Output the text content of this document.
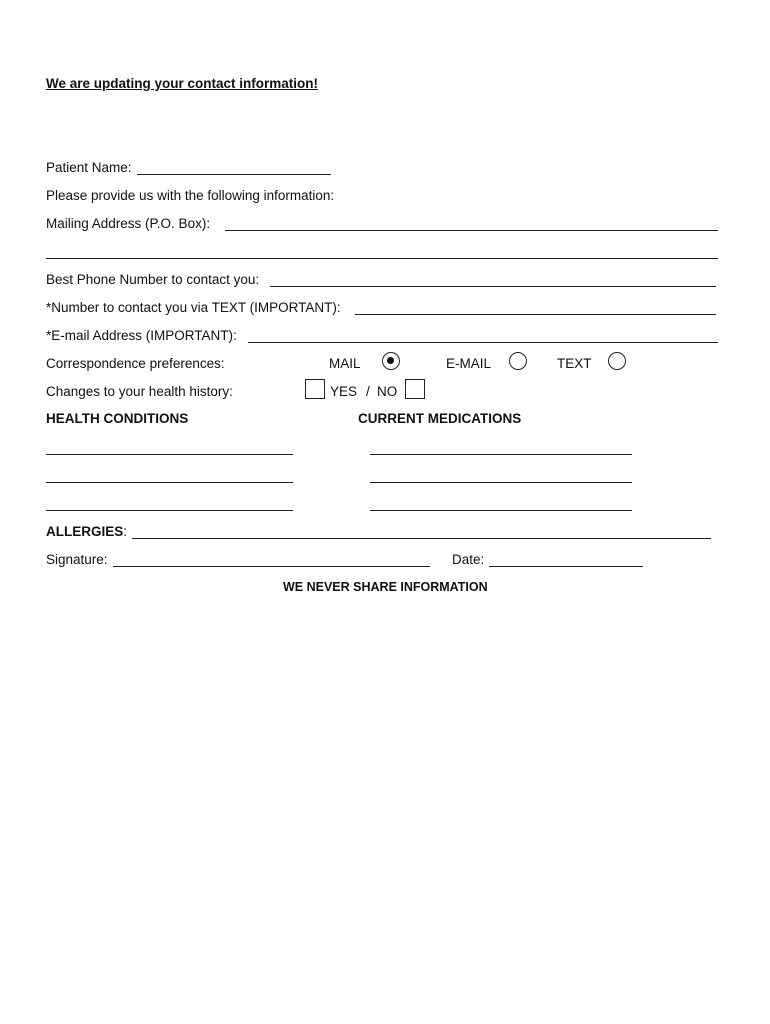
We are updating your contact information!
Patient Name:
Please provide us with the following information:
Mailing Address (P.O. Box):
Best Phone Number to contact you:
*Number to contact you via TEXT (IMPORTANT):
*E-mail Address (IMPORTANT):
Correspondence preferences:	MAIL	E-MAIL	TEXT
Changes to your health history:	YES / NO
HEALTH CONDITIONS	CURRENT MEDICATIONS
ALLERGIES:
Signature:	Date:
WE NEVER SHARE INFORMATION
